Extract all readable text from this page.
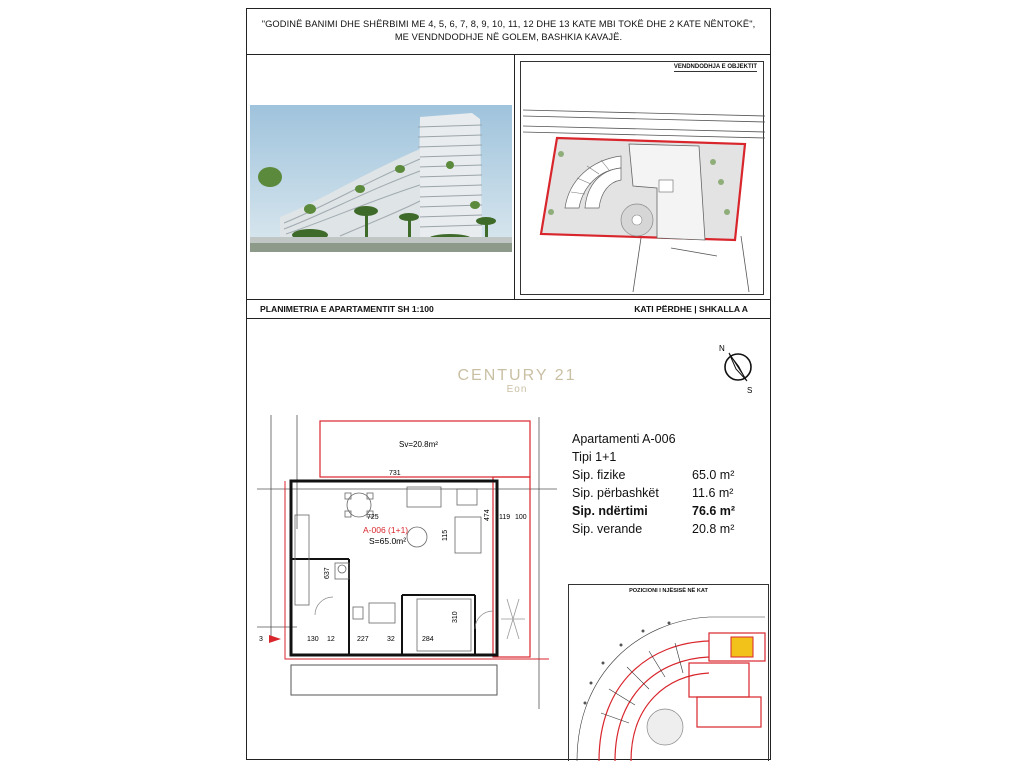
"GODINË BANIMI DHE SHËRBIMI ME 4, 5, 6, 7, 8, 9, 10, 11, 12 DHE 13 KATE MBI TOKË DHE 2 KATE NËNTOKË",
ME VENDNDODHJE NË GOLEM, BASHKIA KAVAJË.
VENDNDODHJA E OBJEKTIT
PLANIMETRIA E APARTAMENTIT SH 1:100	KATI PËRDHE | SHKALLA A
CENTURY 21
Eon
N
S
Apartamenti A-006
Tipi 1+1
Sip. fizike	65.0 m²
Sip. përbashkët	11.6 m²
Sip. ndërtimi	76.6 m²
Sip. verande	20.8 m²
Sv=20.8m²
A-006 (1+1)
S=65.0m²
731
725
637
310
100
119
474
115
130 12	227	32	284
3
POZICIONI I NJËSISË NË KAT
